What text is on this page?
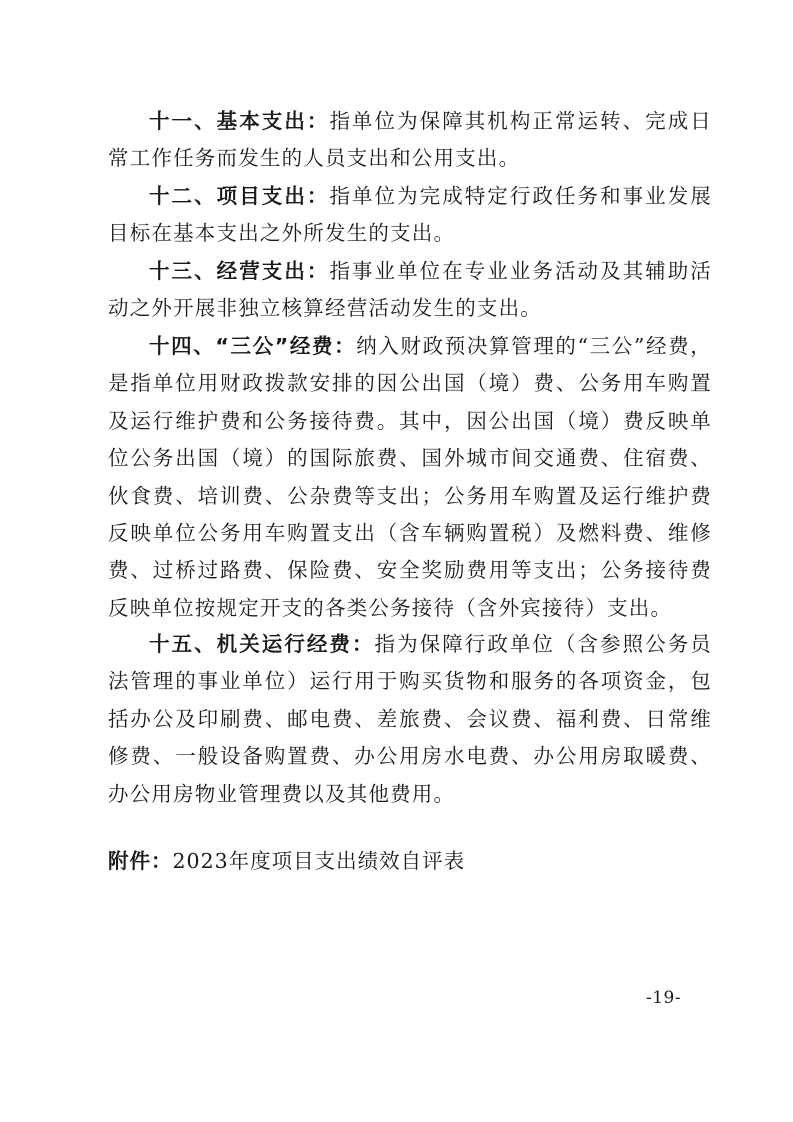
十一、基本支出：指单位为保障其机构正常运转、完成日常工作任务而发生的人员支出和公用支出。

十二、项目支出：指单位为完成特定行政任务和事业发展目标在基本支出之外所发生的支出。

十三、经营支出：指事业单位在专业业务活动及其辅助活动之外开展非独立核算经营活动发生的支出。

十四、“三公”经费：纳入财政预决算管理的“三公”经费，是指单位用财政拨款安排的因公出国（境）费、公务用车购置及运行维护费和公务接待费。其中，因公出国（境）费反映单位公务出国（境）的国际旅费、国外城市间交通费、住宿费、伙食费、培训费、公杂费等支出；公务用车购置及运行维护费反映单位公务用车购置支出（含车辆购置税）及燃料费、维修费、过桥过路费、保险费、安全奖励费用等支出；公务接待费反映单位按规定开支的各类公务接待（含外宾接待）支出。

十五、机关运行经费：指为保障行政单位（含参照公务员法管理的事业单位）运行用于购买货物和服务的各项资金，包括办公及印刷费、邮电费、差旅费、会议费、福利费、日常维修费、一般设备购置费、办公用房水电费、办公用房取暖费、办公用房物业管理费以及其他费用。

附件：2023年度项目支出绩效自评表
-19-
